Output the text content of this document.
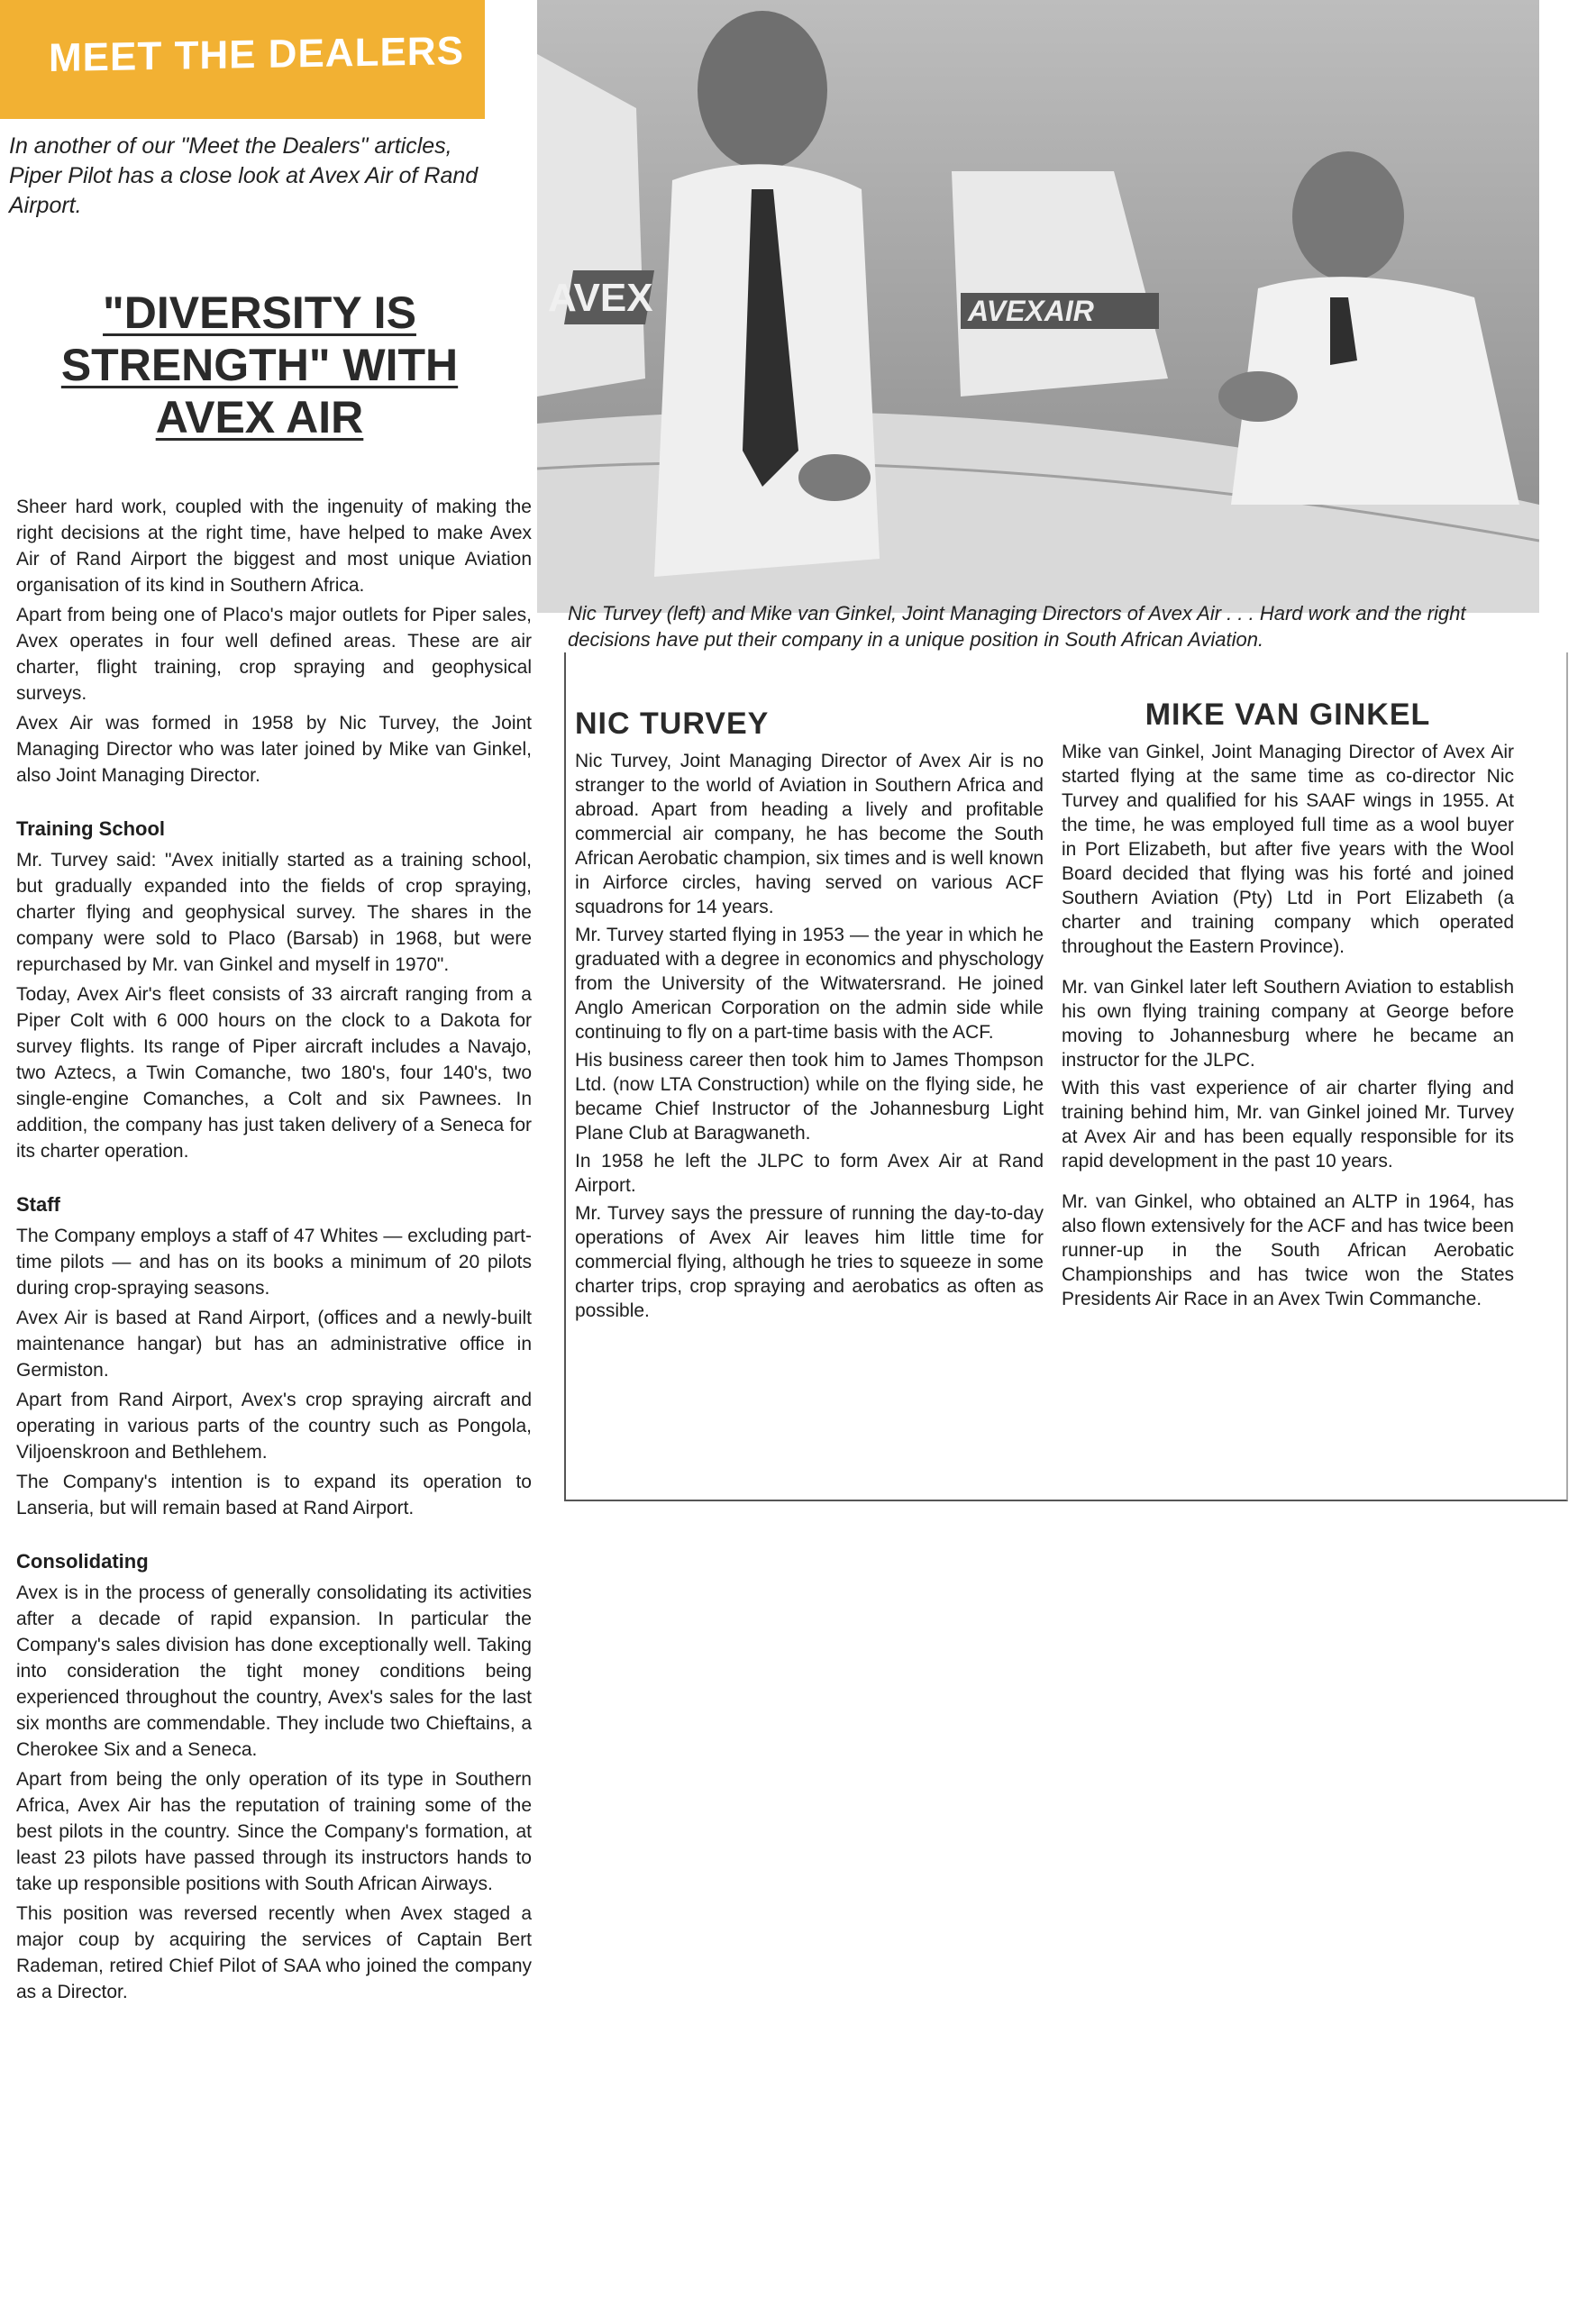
MEET THE DEALERS
In another of our "Meet the Dealers" articles, Piper Pilot has a close look at Avex Air of Rand Airport.
"DIVERSITY IS
STRENGTH" WITH
AVEX AIR

Sheer hard work, coupled with the ingenuity of making the right decisions at the right time, have helped to make Avex Air of Rand Airport the biggest and most unique Aviation organisation of its kind in Southern Africa.

Apart from being one of Placo's major outlets for Piper sales, Avex operates in four well defined areas. These are air charter, flight training, crop spraying and geophysical surveys.

Avex Air was formed in 1958 by Nic Turvey, the Joint Managing Director who was later joined by Mike van Ginkel, also Joint Managing Director.

Training School

Mr. Turvey said: "Avex initially started as a training school, but gradually expanded into the fields of crop spraying, charter flying and geophysical survey. The shares in the company were sold to Placo (Barsab) in 1968, but were repurchased by Mr. van Ginkel and myself in 1970".

Today, Avex Air's fleet consists of 33 aircraft ranging from a Piper Colt with 6 000 hours on the clock to a Dakota for survey flights. Its range of Piper aircraft includes a Navajo, two Aztecs, a Twin Comanche, two 180's, four 140's, two single-engine Comanches, a Colt and six Pawnees. In addition, the company has just taken delivery of a Seneca for its charter operation.

Staff

The Company employs a staff of 47 Whites — excluding part-time pilots — and has on its books a minimum of 20 pilots during crop-spraying seasons.

Avex Air is based at Rand Airport, (offices and a newly-built maintenance hangar) but has an administrative office in Germiston.

Apart from Rand Airport, Avex's crop spraying aircraft and operating in various parts of the country such as Pongola, Viljoenskroon and Bethlehem.

The Company's intention is to expand its operation to Lanseria, but will remain based at Rand Airport.

Consolidating

Avex is in the process of generally consolidating its activities after a decade of rapid expansion. In particular the Company's sales division has done exceptionally well. Taking into consideration the tight money conditions being experienced throughout the country, Avex's sales for the last six months are commendable. They include two Chieftains, a Cherokee Six and a Seneca.

Apart from being the only operation of its type in Southern Africa, Avex Air has the reputation of training some of the best pilots in the country. Since the Company's formation, at least 23 pilots have passed through its instructors hands to take up responsible positions with South African Airways.

This position was reversed recently when Avex staged a major coup by acquiring the services of Captain Bert Rademan, retired Chief Pilot of SAA who joined the company as a Director.

AVEX	AVEXAIR
Nic Turvey (left) and Mike van Ginkel, Joint Managing Directors of Avex Air . . . Hard work and the right decisions have put their company in a unique position in South African Aviation.
NIC TURVEY

Nic Turvey, Joint Managing Director of Avex Air is no stranger to the world of Aviation in Southern Africa and abroad. Apart from heading a lively and profitable commercial air company, he has become the South African Aerobatic champion, six times and is well known in Airforce circles, having served on various ACF squadrons for 14 years.

Mr. Turvey started flying in 1953 — the year in which he graduated with a degree in economics and physchology from the University of the Witwatersrand. He joined Anglo American Corporation on the admin side while continuing to fly on a part-time basis with the ACF.

His business career then took him to James Thompson Ltd. (now LTA Construction) while on the flying side, he became Chief Instructor of the Johannesburg Light Plane Club at Baragwaneth.

In 1958 he left the JLPC to form Avex Air at Rand Airport.

Mr. Turvey says the pressure of running the day-to-day operations of Avex Air leaves him little time for commercial flying, although he tries to squeeze in some charter trips, crop spraying and aerobatics as often as possible.

MIKE VAN GINKEL

Mike van Ginkel, Joint Managing Director of Avex Air started flying at the same time as co-director Nic Turvey and qualified for his SAAF wings in 1955. At the time, he was employed full time as a wool buyer in Port Elizabeth, but after five years with the Wool Board decided that flying was his forté and joined Southern Aviation (Pty) Ltd in Port Elizabeth (a charter and training company which operated throughout the Eastern Province).

Mr. van Ginkel later left Southern Aviation to establish his own flying training company at George before moving to Johannesburg where he became an instructor for the JLPC.

With this vast experience of air charter flying and training behind him, Mr. van Ginkel joined Mr. Turvey at Avex Air and has been equally responsible for its rapid development in the past 10 years.

Mr. van Ginkel, who obtained an ALTP in 1964, has also flown extensively for the ACF and has twice been runner-up in the South African Aerobatic Championships and has twice won the States Presidents Air Race in an Avex Twin Commanche.
